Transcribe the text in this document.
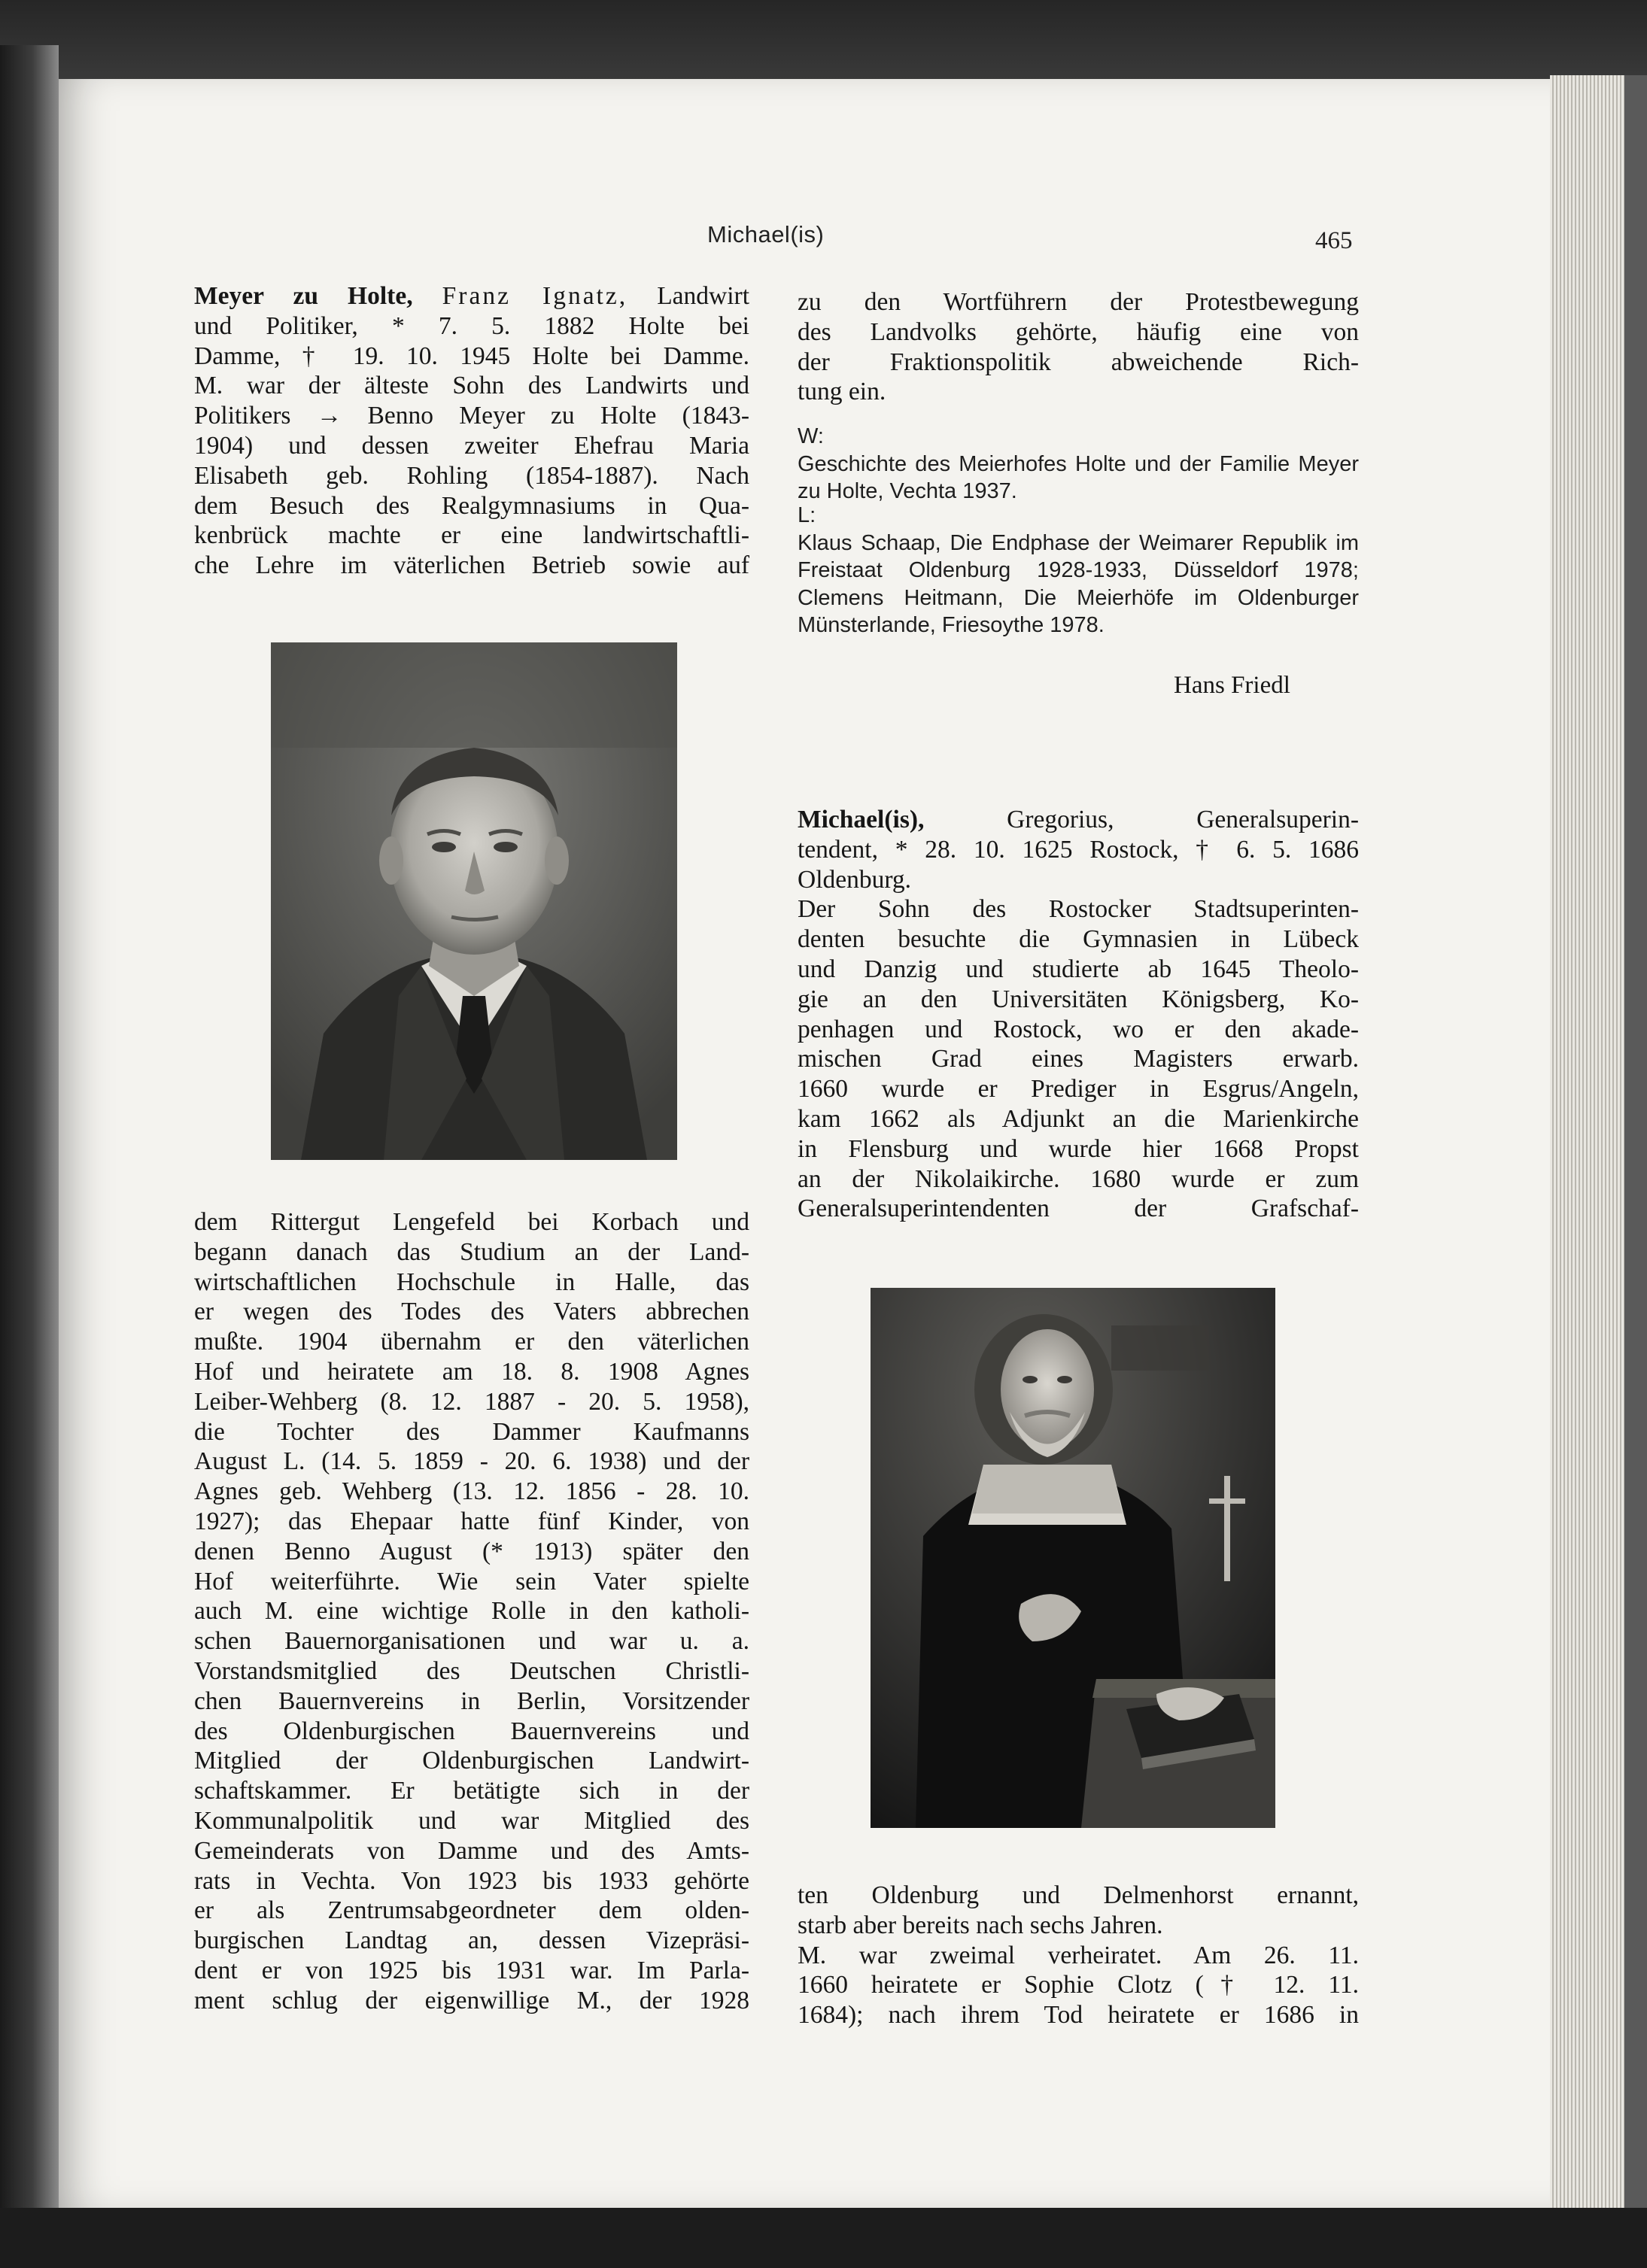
Michael(is)	465
Meyer zu Holte, Franz Ignatz, Landwirt
und Politiker, * 7. 5. 1882 Holte bei
Damme, † 19. 10. 1945 Holte bei Damme.
M. war der älteste Sohn des Landwirts und
Politikers → Benno Meyer zu Holte (1843-
1904) und dessen zweiter Ehefrau Maria
Elisabeth geb. Rohling (1854-1887). Nach
dem Besuch des Realgymnasiums in Qua-
kenbrück machte er eine landwirtschaftli-
che Lehre im väterlichen Betrieb sowie auf
dem Rittergut Lengefeld bei Korbach und
begann danach das Studium an der Land-
wirtschaftlichen Hochschule in Halle, das
er wegen des Todes des Vaters abbrechen
mußte. 1904 übernahm er den väterlichen
Hof und heiratete am 18. 8. 1908 Agnes
Leiber-Wehberg (8. 12. 1887 - 20. 5. 1958),
die Tochter des Dammer Kaufmanns
August L. (14. 5. 1859 - 20. 6. 1938) und der
Agnes geb. Wehberg (13. 12. 1856 - 28. 10.
1927); das Ehepaar hatte fünf Kinder, von
denen Benno August (* 1913) später den
Hof weiterführte. Wie sein Vater spielte
auch M. eine wichtige Rolle in den katholi-
schen Bauernorganisationen und war u. a.
Vorstandsmitglied des Deutschen Christli-
chen Bauernvereins in Berlin, Vorsitzender
des Oldenburgischen Bauernvereins und
Mitglied der Oldenburgischen Landwirt-
schaftskammer. Er betätigte sich in der
Kommunalpolitik und war Mitglied des
Gemeinderats von Damme und des Amts-
rats in Vechta. Von 1923 bis 1933 gehörte
er als Zentrumsabgeordneter dem olden-
burgischen Landtag an, dessen Vizepräsi-
dent er von 1925 bis 1931 war. Im Parla-
ment schlug der eigenwillige M., der 1928
zu den Wortführern der Protestbewegung
des Landvolks gehörte, häufig eine von
der Fraktionspolitik abweichende Rich-
tung ein.
W:
Geschichte des Meierhofes Holte und der Familie Meyer zu Holte, Vechta 1937.
L:
Klaus Schaap, Die Endphase der Weimarer Republik im Freistaat Oldenburg 1928-1933, Düsseldorf 1978; Clemens Heitmann, Die Meierhöfe im Oldenburger Münsterlande, Friesoythe 1978.
Hans Friedl
Michael(is),	Gregorius, Generalsuperin-
tendent, * 28. 10. 1625 Rostock, † 6. 5. 1686
Oldenburg.
Der Sohn des Rostocker Stadtsuperinten-
denten besuchte die Gymnasien in Lübeck
und Danzig und studierte ab 1645 Theolo-
gie an den Universitäten Königsberg, Ko-
penhagen und Rostock, wo er den akade-
mischen Grad eines Magisters erwarb.
1660 wurde er Prediger in Esgrus/Angeln,
kam 1662 als Adjunkt an die Marienkirche
in Flensburg und wurde hier 1668 Propst
an der Nikolaikirche. 1680 wurde er zum
Generalsuperintendenten der Grafschaf-
ten Oldenburg und Delmenhorst ernannt,
starb aber bereits nach sechs Jahren.
M. war zweimal verheiratet. Am 26. 11.
1660 heiratete er Sophie Clotz († 12. 11.
1684); nach ihrem Tod heiratete er 1686 in
